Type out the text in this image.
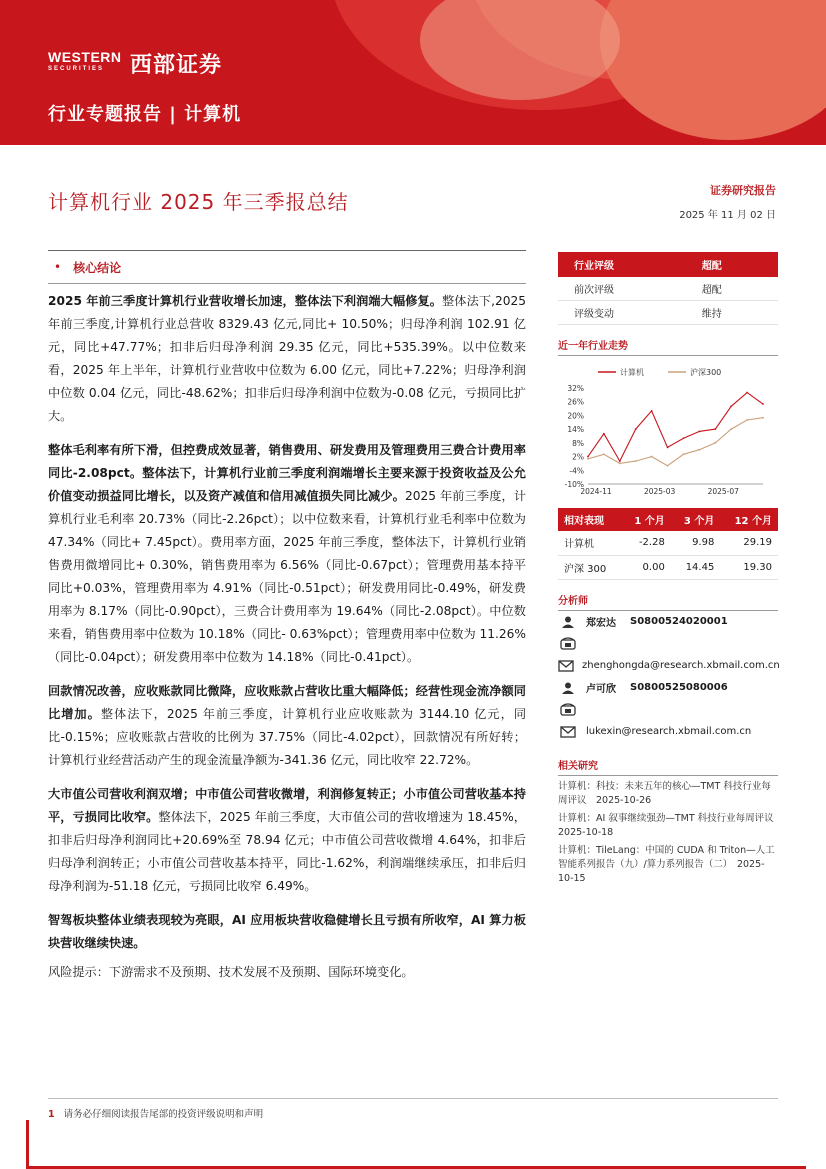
WESTERN
SECURITIES	西部证券
行业专题报告 | 计算机
计算机行业 2025 年三季报总结	证券研究报告
2025 年 11 月 02 日
• 核心结论
2025 年前三季度计算机行业营收增长加速，整体法下利润端大幅修复。整体法下,2025 年前三季度,计算机行业总营收 8329.43 亿元,同比+ 10.50%；归母净利润 102.91 亿元，同比+47.77%；扣非后归母净利润 29.35 亿元，同比+535.39%。以中位数来看，2025 年上半年，计算机行业营收中位数为 6.00 亿元，同比+7.22%；归母净利润中位数 0.04 亿元，同比-48.62%；扣非后归母净利润中位数为-0.08 亿元，亏损同比扩大。
整体毛利率有所下滑，但控费成效显著，销售费用、研发费用及管理费用三费合计费用率同比-2.08pct。整体法下，计算机行业前三季度利润端增长主要来源于投资收益及公允价值变动损益同比增长，以及资产减值和信用减值损失同比减少。2025 年前三季度，计算机行业毛利率 20.73%（同比-2.26pct）；以中位数来看，计算机行业毛利率中位数为 47.34%（同比+ 7.45pct）。费用率方面，2025 年前三季度，整体法下，计算机行业销售费用微增同比+ 0.30%，销售费用率为 6.56%（同比-0.67pct）；管理费用基本持平同比+0.03%，管理费用率为 4.91%（同比-0.51pct）；研发费用同比-0.49%，研发费用率为 8.17%（同比-0.90pct），三费合计费用率为 19.64%（同比-2.08pct）。中位数来看，销售费用率中位数为 10.18%（同比- 0.63%pct）；管理费用率中位数为 11.26%（同比-0.04pct）；研发费用率中位数为 14.18%（同比-0.41pct）。
回款情况改善，应收账款同比微降，应收账款占营收比重大幅降低；经营性现金流净额同比增加。整体法下，2025 年前三季度，计算机行业应收账款为 3144.10 亿元，同比-0.15%；应收账款占营收的比例为 37.75%（同比-4.02pct），回款情况有所好转；计算机行业经营活动产生的现金流量净额为-341.36 亿元，同比收窄 22.72%。
大市值公司营收利润双增；中市值公司营收微增，利润修复转正；小市值公司营收基本持平，亏损同比收窄。整体法下，2025 年前三季度，大市值公司的营收增速为 18.45%，扣非后归母净利润同比+20.69%至 78.94 亿元；中市值公司营收微增 4.64%，扣非后归母净利润转正；小市值公司营收基本持平，同比-1.62%，利润端继续承压，扣非后归母净利润为-51.18 亿元，亏损同比收窄 6.49%。
智驾板块整体业绩表现较为亮眼，AI 应用板块营收稳健增长且亏损有所收窄，AI 算力板块营收继续快速。
风险提示：下游需求不及预期、技术发展不及预期、国际环境变化。
行业评级	超配
前次评级	超配
评级变动	维持
近一年行业走势
计算机	沪深300
32%
26%
20%
14%
8%
2%
-4%
-10%
2024-11	2025-03	2025-07
相对表现	1 个月	3 个月	12 个月
计算机	-2.28	9.98	29.19
沪深 300	0.00	14.45	19.30
分析师
郑宏达 S0800524020001
zhenghongda@research.xbmail.com.cn
卢可欣 S0800525080006
lukexin@research.xbmail.com.cn
相关研究
计算机：科技：未来五年的核心—TMT 科技行业每周评议　2025-10-26
计算机：AI 叙事继续强劲—TMT 科技行业每周评议　2025-10-18
计算机：TileLang：中国的 CUDA 和 Triton—人工智能系列报告（九）/算力系列报告（二）　2025-10-15
1 请务必仔细阅读报告尾部的投资评级说明和声明
